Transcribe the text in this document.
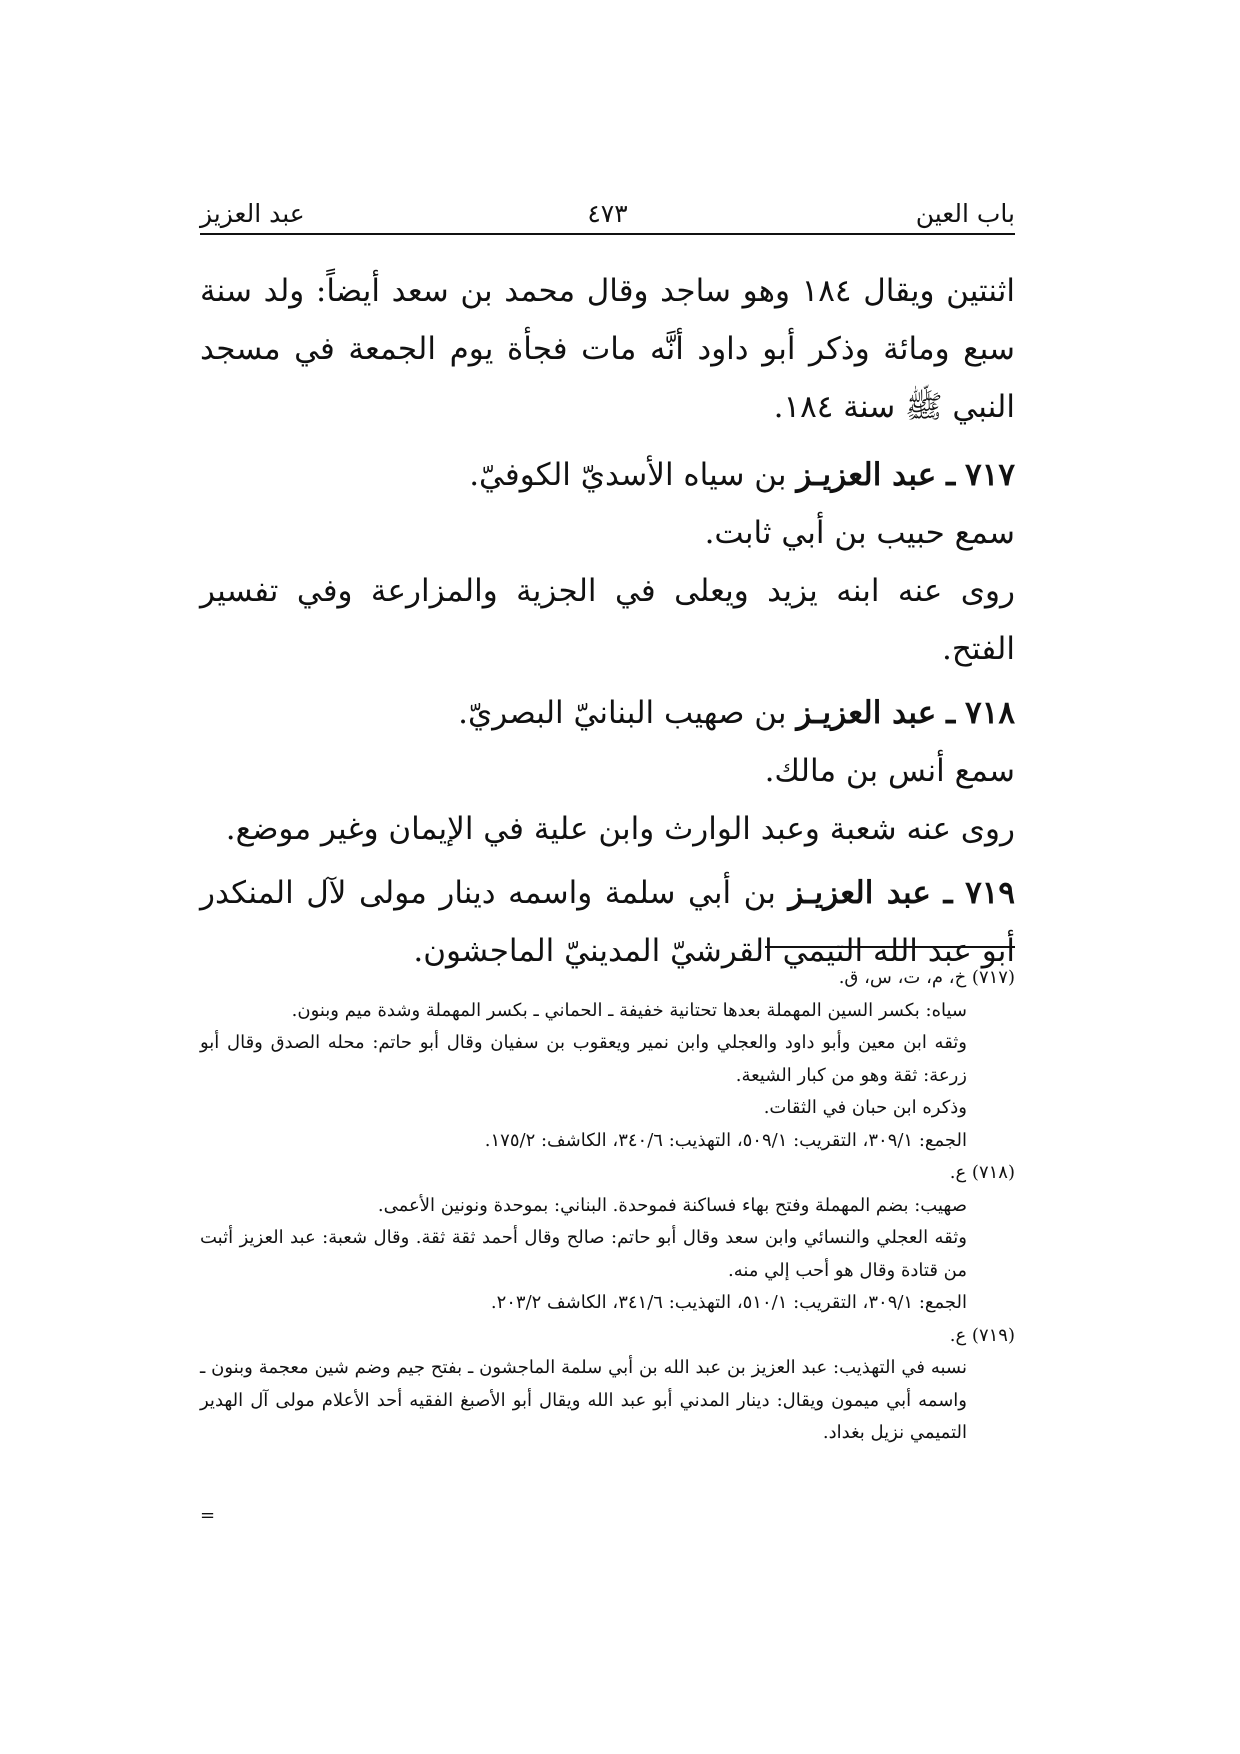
باب العين
٤٧٣
عبد العزيز

اثنتين ويقال ١٨٤ وهو ساجد وقال محمد بن سعد أيضاً: ولد سنة سبع ومائة وذكر أبو داود أنَّه مات فجأة يوم الجمعة في مسجد النبي ﷺ سنة ١٨٤.

٧١٧ ـ عبد العزيـز بن سياه الأسديّ الكوفيّ.

سمع حبيب بن أبي ثابت.

روى عنه ابنه يزيد ويعلى في الجزية والمزارعة وفي تفسير الفتح.

٧١٨ ـ عبد العزيـز بن صهيب البنانيّ البصريّ.

سمع أنس بن مالك.

روى عنه شعبة وعبد الوارث وابن علية في الإيمان وغير موضع.

٧١٩ ـ عبد العزيـز بن أبي سلمة واسمه دينار مولى لآل المنكدر أبو عبد الله التيمي القرشيّ المدينيّ الماجشون.

(٧١٧) خ، م، ت، س، ق.

سياه: بكسر السين المهملة بعدها تحتانية خفيفة ـ الحماني ـ بكسر المهملة وشدة ميم وبنون.

وثقه ابن معين وأبو داود والعجلي وابن نمير ويعقوب بن سفيان وقال أبو حاتم: محله الصدق وقال أبو زرعة: ثقة وهو من كبار الشيعة.

وذكره ابن حبان في الثقات.

الجمع: ٣٠٩/١، التقريب: ٥٠٩/١، التهذيب: ٣٤٠/٦، الكاشف: ١٧٥/٢.

(٧١٨) ع.

صهيب: بضم المهملة وفتح بهاء فساكنة فموحدة. البناني: بموحدة ونونين الأعمى.

وثقه العجلي والنسائي وابن سعد وقال أبو حاتم: صالح وقال أحمد ثقة ثقة. وقال شعبة: عبد العزيز أثبت من قتادة وقال هو أحب إلي منه.

الجمع: ٣٠٩/١، التقريب: ٥١٠/١، التهذيب: ٣٤١/٦، الكاشف ٢٠٣/٢.

(٧١٩) ع.

نسبه في التهذيب: عبد العزيز بن عبد الله بن أبي سلمة الماجشون ـ بفتح جيم وضم شين معجمة وبنون ـ واسمه أبي ميمون ويقال: دينار المدني أبو عبد الله ويقال أبو الأصبغ الفقيه أحد الأعلام مولى آل الهدير التميمي نزيل بغداد.

=
